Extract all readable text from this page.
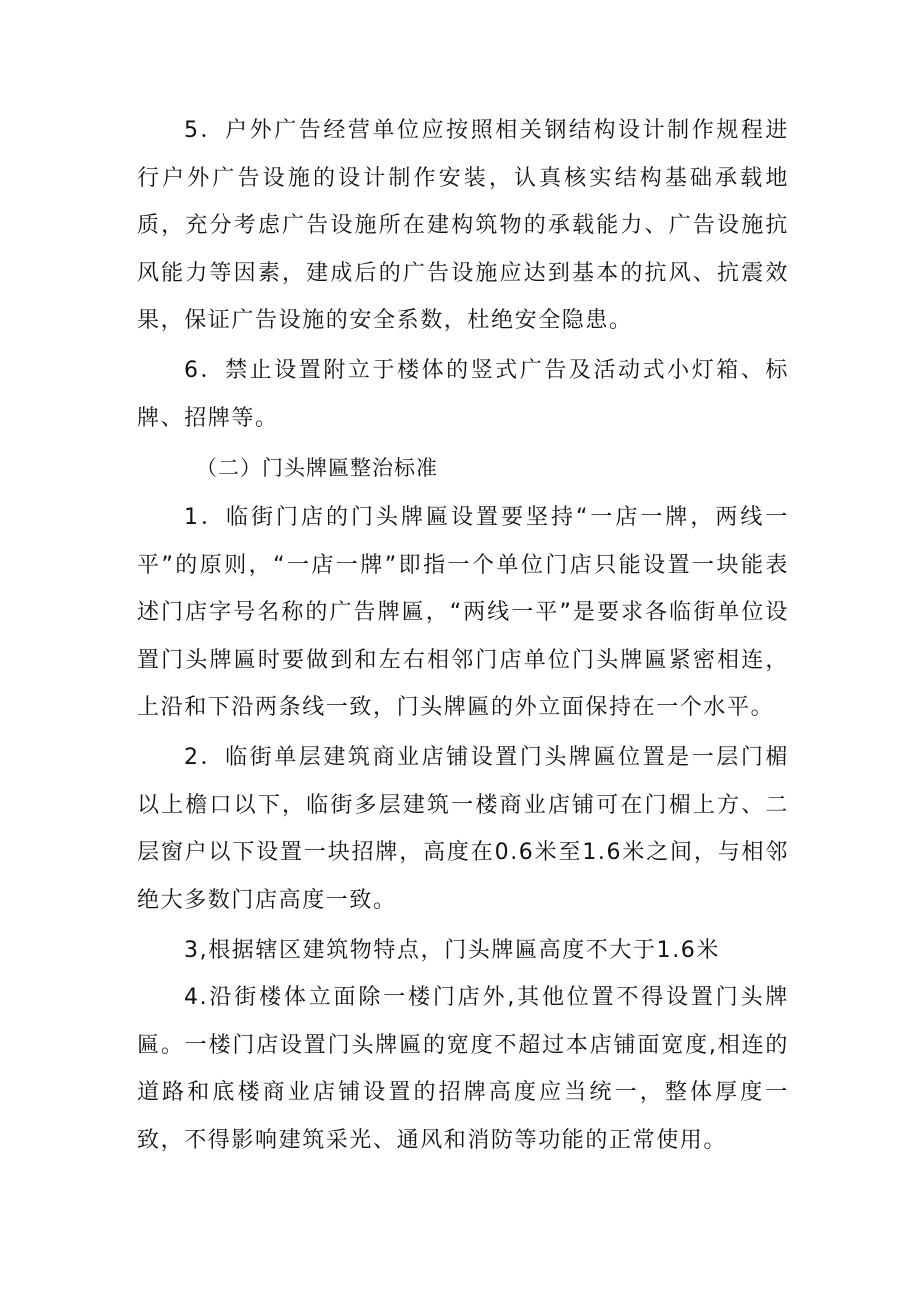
5．户外广告经营单位应按照相关钢结构设计制作规程进行户外广告设施的设计制作安装，认真核实结构基础承载地质，充分考虑广告设施所在建构筑物的承载能力、广告设施抗风能力等因素，建成后的广告设施应达到基本的抗风、抗震效果，保证广告设施的安全系数，杜绝安全隐患。

6．禁止设置附立于楼体的竖式广告及活动式小灯箱、标牌、招牌等。

（二）门头牌匾整治标准

1．临街门店的门头牌匾设置要坚持“一店一牌，两线一平”的原则，“一店一牌”即指一个单位门店只能设置一块能表述门店字号名称的广告牌匾，“两线一平”是要求各临街单位设置门头牌匾时要做到和左右相邻门店单位门头牌匾紧密相连，上沿和下沿两条线一致，门头牌匾的外立面保持在一个水平。

2．临街单层建筑商业店铺设置门头牌匾位置是一层门楣以上檐口以下，临街多层建筑一楼商业店铺可在门楣上方、二层窗户以下设置一块招牌，高度在0.6米至1.6米之间，与相邻绝大多数门店高度一致。

3,根据辖区建筑物特点，门头牌匾高度不大于1.6米

4.沿街楼体立面除一楼门店外,其他位置不得设置门头牌匾。一楼门店设置门头牌匾的宽度不超过本店铺面宽度,相连的道路和底楼商业店铺设置的招牌高度应当统一，整体厚度一致，不得影响建筑采光、通风和消防等功能的正常使用。
